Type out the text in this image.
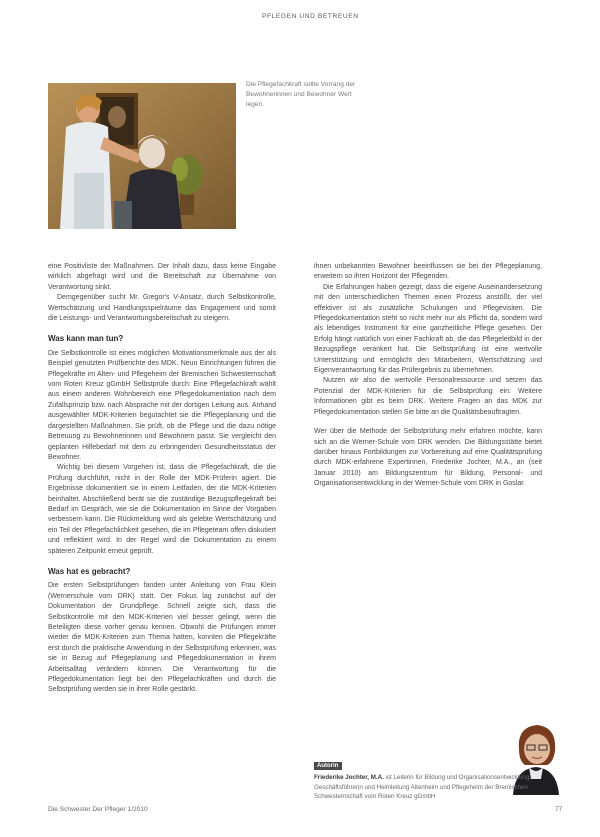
PFLEGEN UND BETREUEN
Die Pflegefachkraft sollte Vorrang der Bewohnerinnen und Bewohner Wert legen.

eine Positivliste der Maßnahmen. Der Inhalt dazu, dass keine Eingabe wirklich abgefragt wird und die Bereitschaft zur Übernahme von Verantwortung sinkt.

Demgegenüber sucht Mr. Gregor's V-Ansatz, durch Selbstkontrolle, Wertschätzung und Handlungsspielräume das Engagement und somit die Leistungs- und Verantwortungsbereitschaft zu steigern.

Was kann man tun?

Die Selbstkontrolle ist eines möglichen Motivationsmerkmale aus der als Beispiel genutzten Prüfberichte des MDK. Neun Einrichtungen führen die Pflegekräfte im Alten- und Pflegeheim der Bremischen Schwesternschaft vom Roten Kreuz gGmbH Selbstprüfe durch: Eine Pflegefachkraft wählt aus einem anderen Wohnbereich eine Pflegedokumentation nach dem Zufallsprinzip bzw. nach Absprache mit der dortigen Leitung aus. Anhand ausgewählter MDK-Kriterien begutachtet sie die Pflegeplanung und die dargestellten Maßnahmen. Sie prüft, ob die Pflege und die dazu nötige Betreuung zu Bewohnerinnen und Bewohnern passt. Sie vergleicht den geplanten Hilfebedarf mit dem zu erbringenden Gesundheitsstatus der Bewohner.

Wichtig bei diesem Vorgehen ist, dass die Pflegefachkraft, die die Prüfung durchführt, nicht in der Rolle der MDK-Prüferin agiert. Die Ergebnisse dokumentiert sie in einem Leitfaden, der die MDK-Kriterien beinhaltet. Abschließend berät sie die zuständige Bezugspflegekraft bei Bedarf im Gespräch, wie sie die Dokumentation im Sinne der Vorgaben verbessern kann. Die Rückmeldung wird als gelebte Wertschätzung und ein Teil der Pflegefachlichkeit gesehen, die im Pflegeteam offen diskutiert und reflektiert wird. In der Regel wird die Dokumentation zu einem späteren Zeitpunkt erneut geprüft.

Was hat es gebracht?

Die ersten Selbstprüfungen fanden unter Anleitung von Frau Klein (Wernerschule vom DRK) statt. Der Fokus lag zunächst auf der Dokumentation der Grundpflege. Schnell zeigte sich, dass die Selbstkontrolle mit den MDK-Kriterien viel besser gelingt, wenn die Beteiligten diese vorher genau kennen. Obwohl die Prüfungen immer wieder die MDK-Kriterien zum Thema hatten, konnten die Pflegekräfte erst durch die praktische Anwendung in der Selbstprüfung erkennen, was sie in Bezug auf Pflegeplanung und Pflegedokumentation in ihrem Arbeitsalltag verändern können. Die Verantwortung für die Pflegedokumentation liegt bei den Pflegefachkräften und durch die Selbstprüfung werden sie in ihrer Rolle gestärkt.

ihnen unbekannten Bewohner beeinflussen sie bei der Pflegeplanung, erweitern so ihren Horizont der Pflegenden.

Die Erfahrungen haben gezeigt, dass die eigene Auseinandersetzung mit den unterschiedlichen Themen einen Prozess anstößt, der viel effektiver ist als zusätzliche Schulungen und Pflegevisiten. Die Pflegedokumentation steht so nicht mehr nur als Pflicht da, sondern wird als lebendiges Instrument für eine ganzheitliche Pflege gesehen. Der Erfolg hängt natürlich von einer Fachkraft ab, die das Pflegeleitbild in der Bezugspflege verankert hat. Die Selbstprüfung ist eine wertvolle Unterstützung und ermöglicht den Mitarbeitern, Wertschätzung und Eigenverantwortung für das Prüfergebnis zu übernehmen.

Nutzen wir also die wertvolle Personalressource und setzen das Potenzial der MDK-Kriterien für die Selbstprüfung ein: Weitere Informationen gibt es beim DRK. Weitere Fragen an das MDK zur Pflegedokumentation stellen Sie bitte an die Qualitätsbeauftragten.

Wer über die Methode der Selbstprüfung mehr erfahren möchte, kann sich an die Werner-Schule vom DRK wenden. Die Bildungsstätte bietet darüber hinaus Fortbildungen zur Vorbereitung auf eine Qualitätsprüfung durch MDK-erfahrene Expertinnen, Friederike Jochter, M.A., an (seit Januar 2010) am Bildungszentrum für Bildung, Personal- und Organisationsentwicklung in der Werner-Schule vom DRK in Goslar.

Autorin
Friederike Jochter, M.A. ist Leiterin für Bildung und Organisationsentwicklung, Geschäftsführerin und Heimleitung Altenheim und Pflegeheim der Bremischen Schwesternschaft vom Roten Kreuz gGmbH
Die Schwester Der Pfleger 1/2010	77
